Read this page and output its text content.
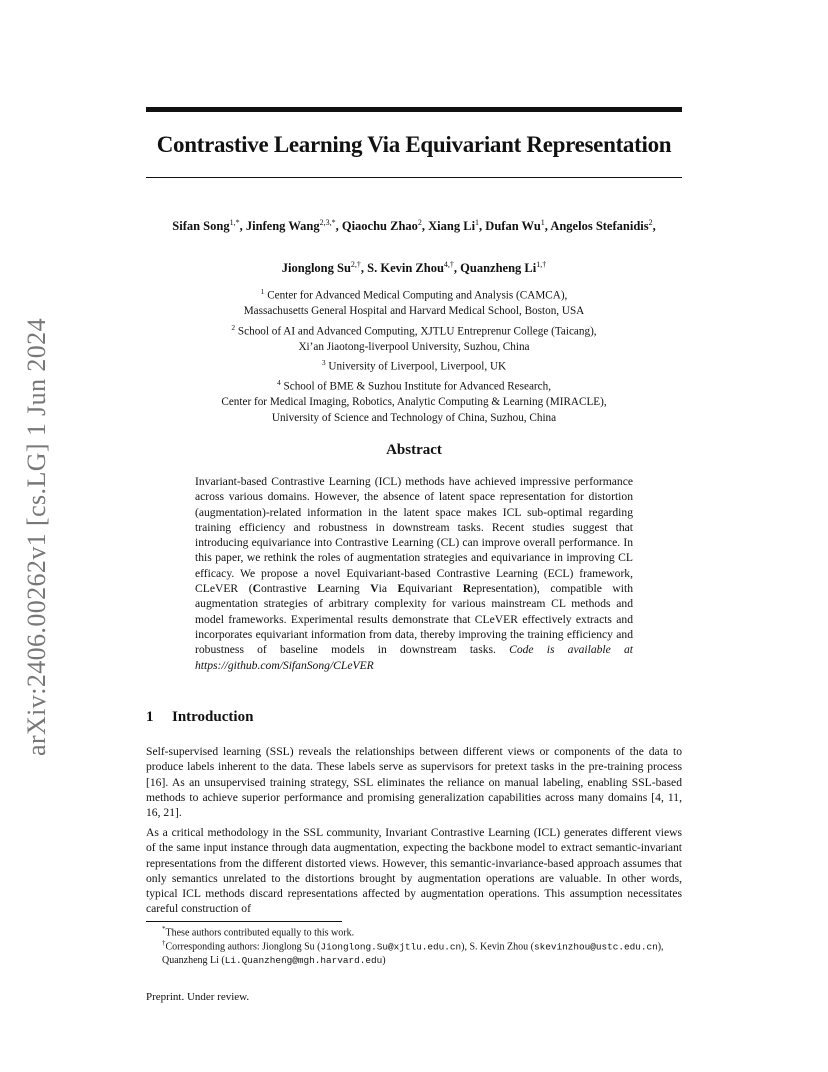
arXiv:2406.00262v1 [cs.LG] 1 Jun 2024
Contrastive Learning Via Equivariant Representation
Sifan Song$^{1,*}$, Jinfeng Wang$^{2,3,*}$, Qiaochu Zhao$^2$, Xiang Li$^1$, Dufan Wu$^1$, Angelos Stefanidis$^2$,
Jionglong $Su^{2,\dagger}$, S. Kevin Zhou$^{4,\dagger}$, Quanzheng $Li^{1,\dagger}$
$^1$ Center for Advanced Medical Computing and Analysis (CAMCA),
Massachusetts General Hospital and Harvard Medical School, Boston, USA
$^2$ School of AI and Advanced Computing, XJTLU Entreprenur College (Taicang),
Xi’an Jiaotong-liverpool University, Suzhou, China
$^3$ University of Liverpool, Liverpool, UK
$^4$ School of BME & Suzhou Institute for Advanced Research,
Center for Medical Imaging, Robotics, Analytic Computing & Learning (MIRACLE),
University of Science and Technology of China, Suzhou, China
Abstract
Invariant-based Contrastive Learning (ICL) methods have achieved impressive performance across various domains. However, the absence of latent space representation for distortion (augmentation)-related information in the latent space makes ICL sub-optimal regarding training efficiency and robustness in downstream tasks. Recent studies suggest that introducing equivariance into Contrastive Learning (CL) can improve overall performance. In this paper, we rethink the roles of augmentation strategies and equivariance in improving CL efficacy. We propose a novel Equivariant-based Contrastive Learning (ECL) framework, CLeVER (Contrastive Learning Via Equivariant Representation), compatible with augmentation strategies of arbitrary complexity for various mainstream CL methods and model frameworks. Experimental results demonstrate that CLeVER effectively extracts and incorporates equivariant information from data, thereby improving the training efficiency and robustness of baseline models in downstream tasks. Code is available at https://github.com/SifanSong/CLeVER
1 Introduction
Self-supervised learning (SSL) reveals the relationships between different views or components of the data to produce labels inherent to the data. These labels serve as supervisors for pretext tasks in the pre-training process [16]. As an unsupervised training strategy, SSL eliminates the reliance on manual labeling, enabling SSL-based methods to achieve superior performance and promising generalization capabilities across many domains [4, 11, 16, 21].
As a critical methodology in the SSL community, Invariant Contrastive Learning (ICL) generates different views of the same input instance through data augmentation, expecting the backbone model to extract semantic-invariant representations from the different distorted views. However, this semantic-invariance-based approach assumes that only semantics unrelated to the distortions brought by augmentation operations are valuable. In other words, typical ICL methods discard representations affected by augmentation operations. This assumption necessitates careful construction of
*These authors contributed equally to this work.
†Corresponding authors: Jionglong Su (Jionglong.Su@xjtlu.edu.cn), S. Kevin Zhou (skevinzhou@ustc.edu.cn), Quanzheng Li (Li.Quanzheng@mgh.harvard.edu)
Preprint. Under review.
